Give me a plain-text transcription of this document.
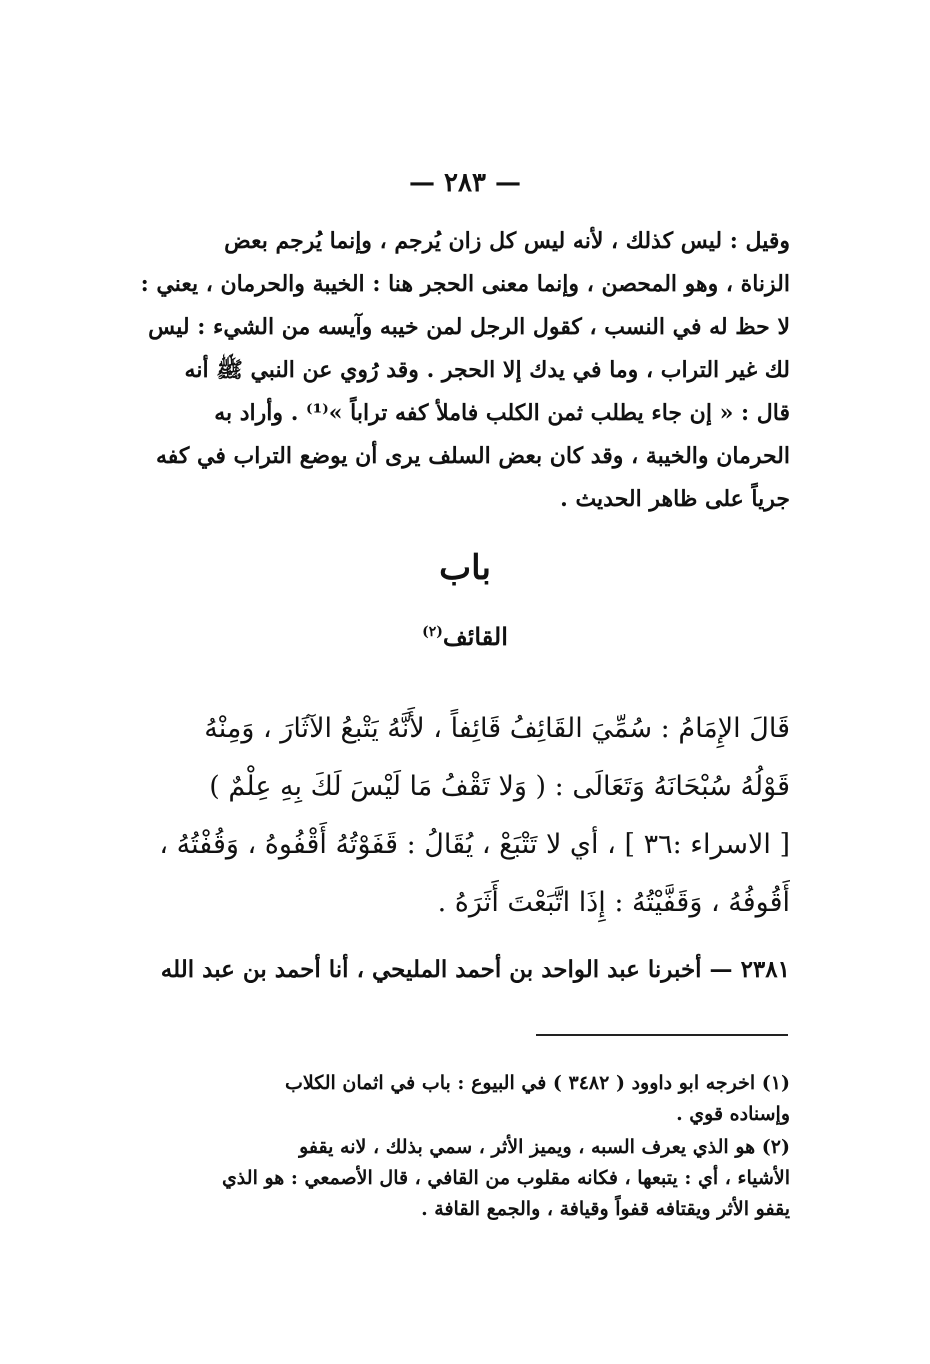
— ٢٨٣ —
وقيل : ليس كذلك ، لأنه ليس كل زان يُرجم ، وإنما يُرجم بعض
الزناة ، وهو المحصن ، وإنما معنى الحجر هنا : الخيبة والحرمان ، يعني :
لا حظ له في النسب ، كقول الرجل لمن خيبه وآيسه من الشيء : ليس
لك غير التراب ، وما في يدك إلا الحجر . وقد رُوي عن النبي ﷺ أنه
قال : « إن جاء يطلب ثمن الكلب فاملأ كفه تراباً »⁽¹⁾ . وأراد به
الحرمان والخيبة ، وقد كان بعض السلف يرى أن يوضع التراب في كفه
جرياً على ظاهر الحديث .
باب
القائف$^{(٢)}$
قَالَ الإِمَامُ : سُمِّيَ القَائِفُ قَائِفاً ، لأَنَّهُ يَتْبعُ الآثَارَ ، وَمِنْهُ
قَوْلُهُ سُبْحَانَهُ وَتَعَالَى : ( وَلا تَقْفُ مَا لَيْسَ لَكَ بِهِ عِلْمٌ )
[ الاسراء :٣٦ ] ، أي لا تَتْبَعْ ، يُقَالُ : قَفَوْتُهُ أَقْفُوهُ ، وَقُفْتُهُ ،
أَقُوفُهُ ، وَقَفَّيْتُهُ : إِذَا اتَّبَعْتَ أَثَرَهُ .
٢٣٨١ — أخبرنا عبد الواحد بن أحمد المليحي ، أنا أحمد بن عبد الله
(١) اخرجه ابو داوود ( ٣٤٨٢ ) في البيوع : باب في اثمان الكلاب
وإسناده قوي .
(٢) هو الذي يعرف السبه ، ويميز الأثر ، سمي بذلك ، لانه يقفو
الأشياء ، أي : يتبعها ، فكانه مقلوب من القافي ، قال الأصمعي : هو الذي
يقفو الأثر ويقتافه قفواً وقيافة ، والجمع القافة .
